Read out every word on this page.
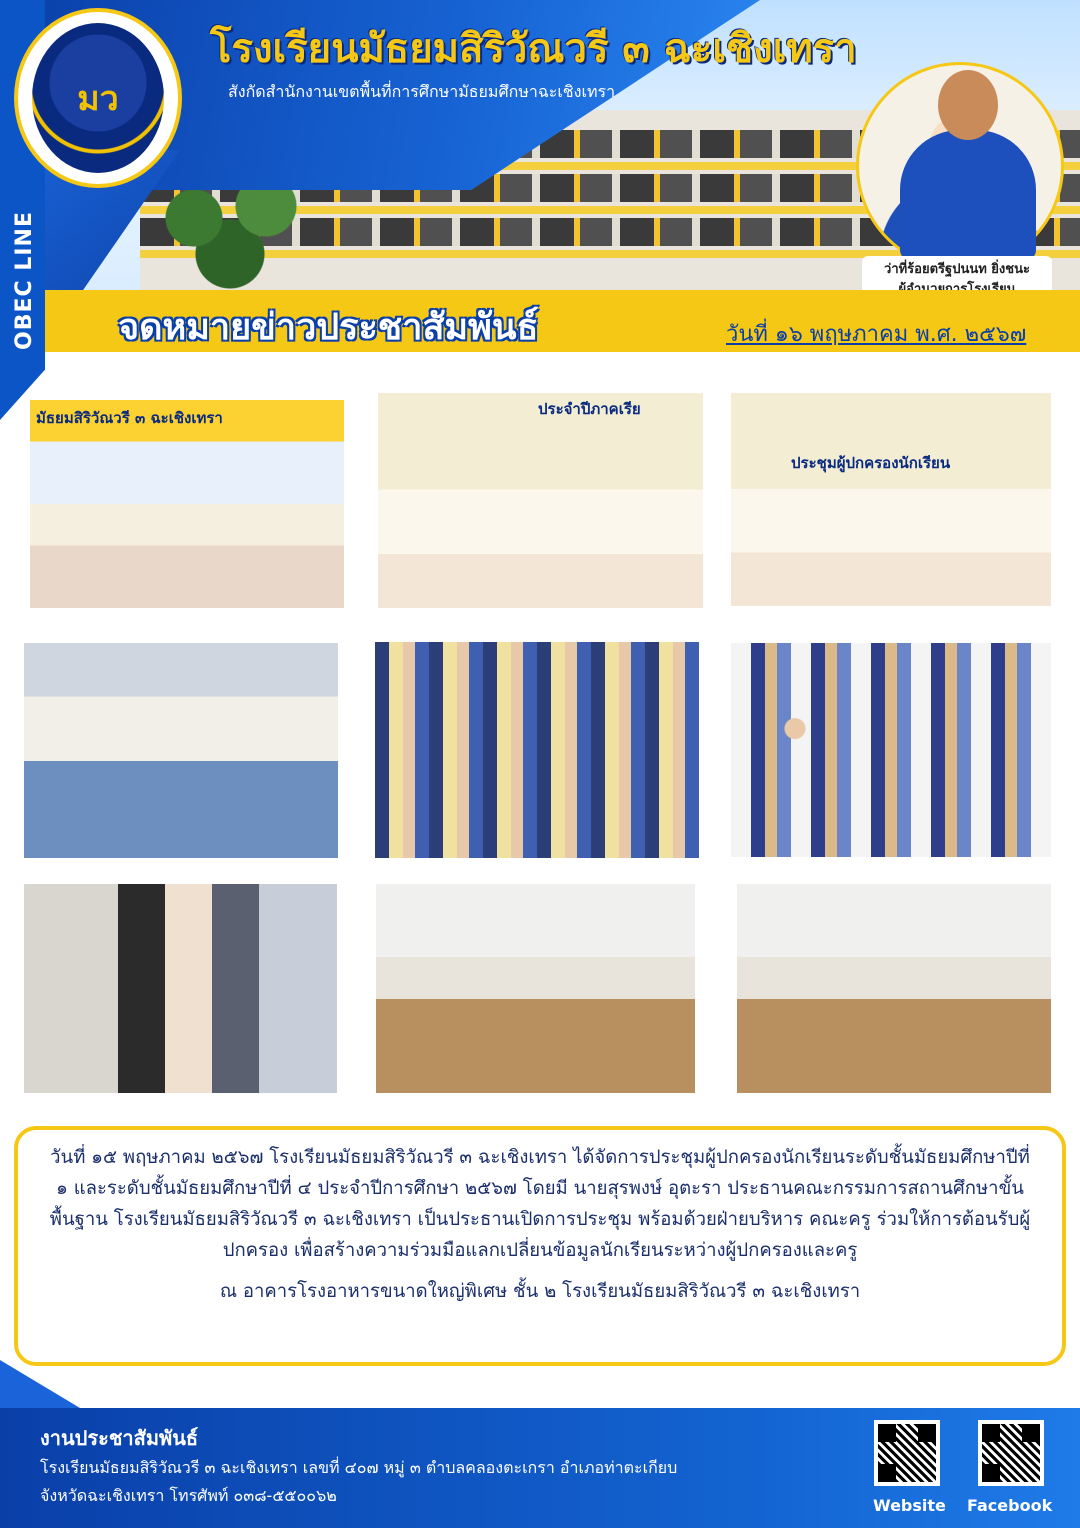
มว
OBEC LINE
โรงเรียนมัธยมสิริวัณวรี ๓ ฉะเชิงเทรา
สังกัดสำนักงานเขตพื้นที่การศึกษามัธยมศึกษาฉะเชิงเทรา
ว่าที่ร้อยตรีฐปนนท ยิ่งชนะ
จดหมายข่าวประชาสัมพันธ์	วันที่ ๑๖ พฤษภาคม พ.ศ. ๒๕๖๗
มัธยมสิริวัณวรี ๓ ฉะเชิงเทรา	ประจำปีภาคเรีย
ประชุมผู้ปกครองนักเรียน
วันที่ ๑๕ พฤษภาคม ๒๕๖๗ โรงเรียนมัธยมสิริวัณวรี ๓ ฉะเชิงเทรา ได้จัดการประชุมผู้ปกครองนักเรียนระดับชั้นมัธยมศึกษาปีที่ ๑ และระดับชั้นมัธยมศึกษาปีที่ ๔ ประจำปีการศึกษา ๒๕๖๗ โดยมี นายสุรพงษ์ อุตะรา ประธานคณะกรรมการสถานศึกษาขั้นพื้นฐาน โรงเรียนมัธยมสิริวัณวรี ๓ ฉะเชิงเทรา เป็นประธานเปิดการประชุม พร้อมด้วยฝ่ายบริหาร คณะครู ร่วมให้การต้อนรับผู้ปกครอง เพื่อสร้างความร่วมมือแลกเปลี่ยนข้อมูลนักเรียนระหว่างผู้ปกครองและครู
ณ อาคารโรงอาหารขนาดใหญ่พิเศษ ชั้น ๒ โรงเรียนมัธยมสิริวัณวรี ๓ ฉะเชิงเทรา
งานประชาสัมพันธ์
โรงเรียนมัธยมสิริวัณวรี ๓ ฉะเชิงเทรา เลขที่ ๔๐๗ หมู่ ๓ ตำบลคลองตะเกรา อำเภอท่าตะเกียบ
จังหวัดฉะเชิงเทรา โทรศัพท์ ๐๓๘-๕๕๐๐๖๒
Website Facebook
